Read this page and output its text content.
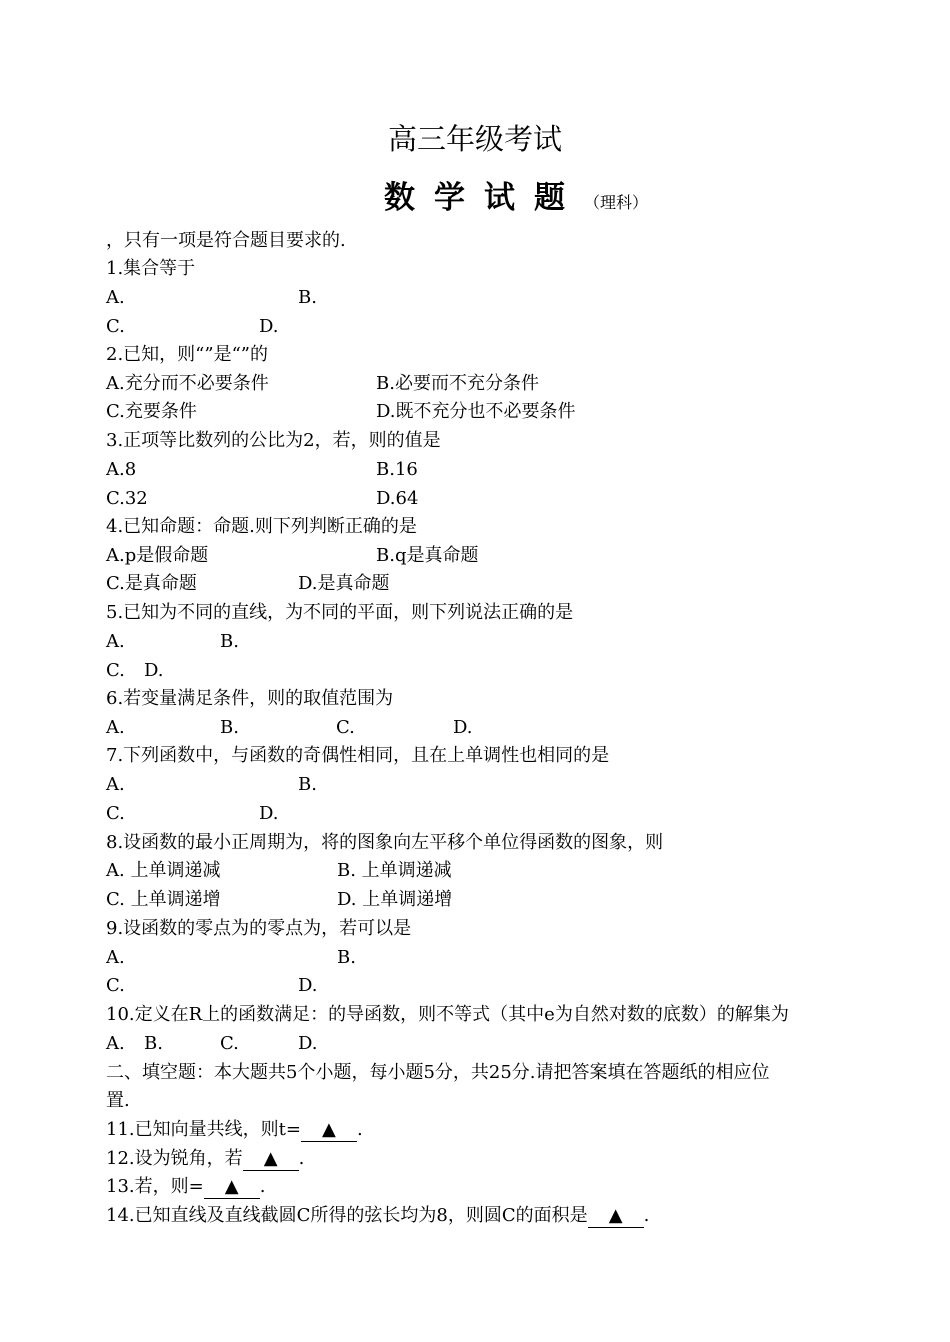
高三年级考试
数学试题（理科）
，只有一项是符合题目要求的.
1.集合等于
A.	B.
C.	D.
2.已知，则“”是“”的
A.充分而不必要条件	B.必要而不充分条件
C.充要条件	D.既不充分也不必要条件
3.正项等比数列的公比为2，若，则的值是
A.8	B.16
C.32	D.64
4.已知命题：命题.则下列判断正确的是
A.p是假命题	B.q是真命题
C.是真命题	D.是真命题
5.已知为不同的直线，为不同的平面，则下列说法正确的是
A.	B.
C. D.
6.若变量满足条件，则的取值范围为
A.	B.	C.	D.
7.下列函数中，与函数的奇偶性相同，且在上单调性也相同的是
A.	B.
C.	D.
8.设函数的最小正周期为，将的图象向左平移个单位得函数的图象，则
A. 上单调递减	B. 上单调递减
C. 上单调递增	D. 上单调递增
9.设函数的零点为的零点为，若可以是
A.	B.
C.	D.
10.定义在R上的函数满足：的导函数，则不等式（其中e为自然对数的底数）的解集为
A. B.	C.	D.
二、填空题：本大题共5个小题，每小题5分，共25分.请把答案填在答题纸的相应位
置.
11.已知向量共线，则t= ▲ .
12.设为锐角，若 ▲ .
13.若，则= ▲ .
14.已知直线及直线截圆C所得的弦长均为8，则圆C的面积是 ▲ .
